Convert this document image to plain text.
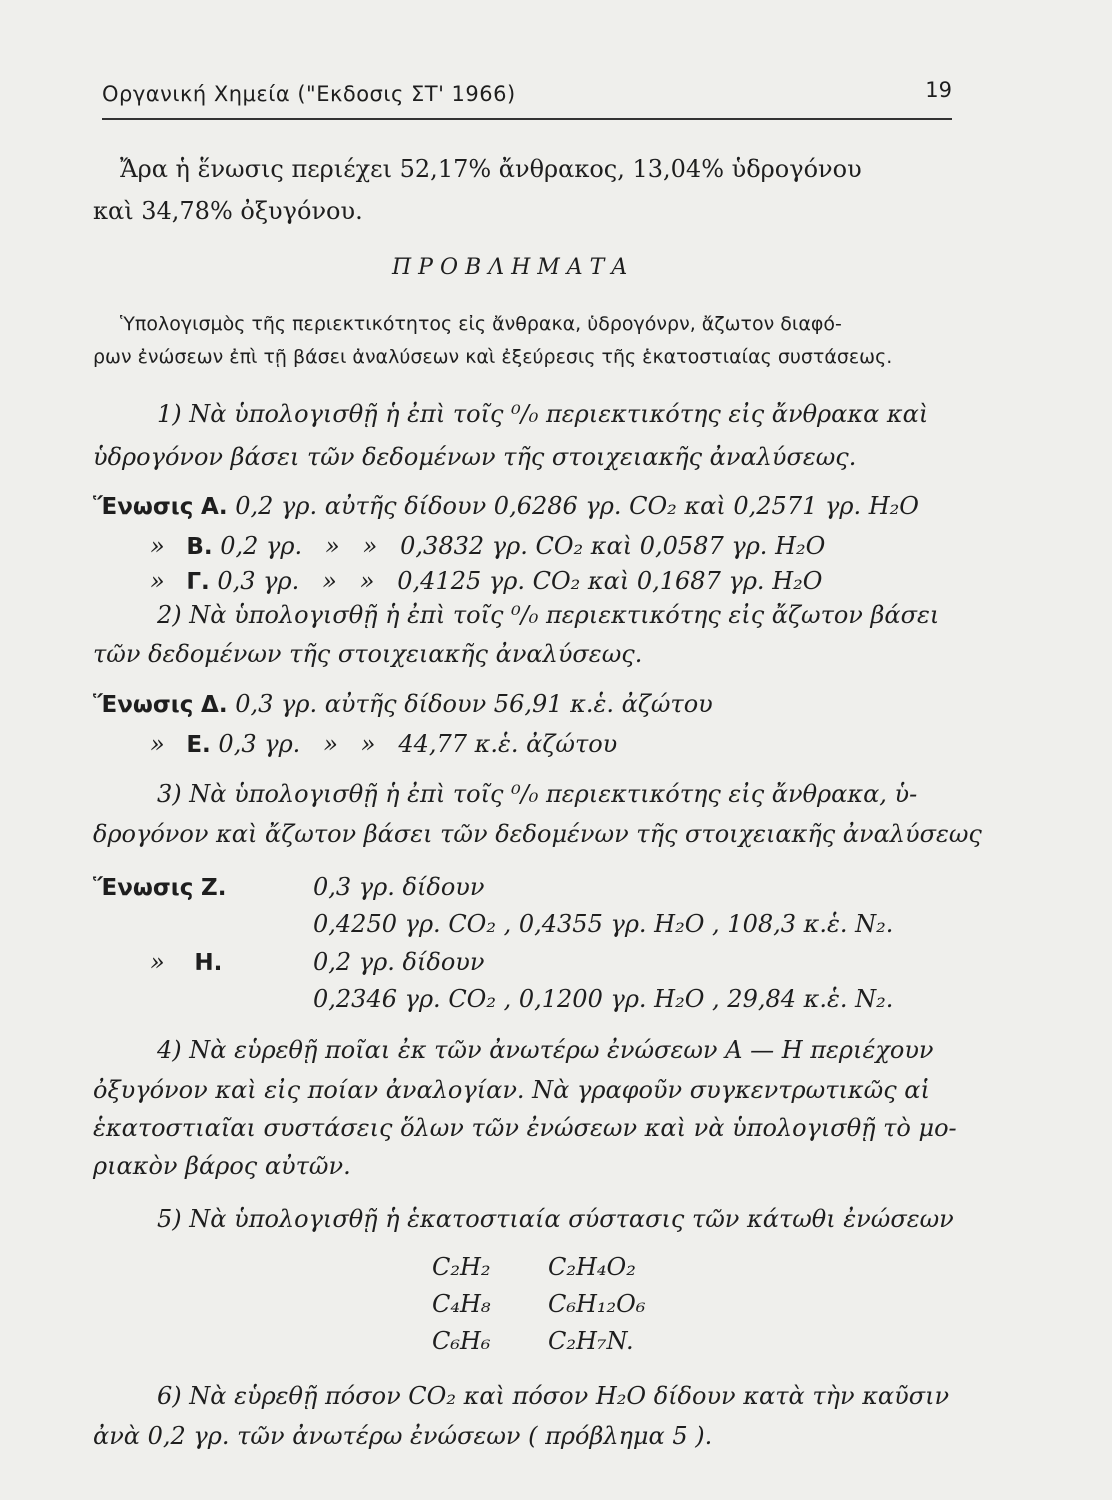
Οργανική Χημεία ("Εκδοσις ΣΤ' 1966)	19
Ἄρα ἡ ἕνωσις περιέχει 52,17% ἄνθρακος, 13,04% ὑδρογόνου
καὶ 34,78% ὀξυγόνου.
ΠΡΟΒΛΗΜΑΤΑ
Ὑπολογισμὸς τῆς περιεκτικότητος εἰς ἄνθρακα, ὑδρογόνρν, ἄζωτον διαφό-
ρων ἐνώσεων ἐπὶ τῇ βάσει ἀναλύσεων καὶ ἐξεύρεσις τῆς ἑκατοστιαίας συστάσεως.
1) Νὰ ὑπολογισθῇ ἡ ἐπὶ τοῖς ⁰/₀ περιεκτικότης εἰς ἄνθρακα καὶ
ὑδρογόνον βάσει τῶν δεδομένων τῆς στοιχειακῆς ἀναλύσεως.
Ἕνωσις Α. 0,2 γρ. αὐτῆς δίδουν 0,6286 γρ. CO₂ καὶ 0,2571 γρ. H₂O
» Β. 0,2 γρ.   »   »   0,3832 γρ. CO₂ καὶ 0,0587 γρ. H₂O
» Γ. 0,3 γρ.   »   »   0,4125 γρ. CO₂ καὶ 0,1687 γρ. H₂O
2) Νὰ ὑπολογισθῇ ἡ ἐπὶ τοῖς ⁰/₀ περιεκτικότης εἰς ἄζωτον βάσει
τῶν δεδομένων τῆς στοιχειακῆς ἀναλύσεως.
Ἕνωσις Δ. 0,3 γρ. αὐτῆς δίδουν 56,91 κ.ἑ. ἀζώτου
» Ε. 0,3 γρ.   »   »   44,77 κ.ἑ. ἀζώτου
3) Νὰ ὑπολογισθῇ ἡ ἐπὶ τοῖς ⁰/₀ περιεκτικότης εἰς ἄνθρακα, ὑ-
δρογόνον καὶ ἄζωτον βάσει τῶν δεδομένων τῆς στοιχειακῆς ἀναλύσεως
Ἕνωσις Ζ.	0,3 γρ. δίδουν
0,4250 γρ. CO₂ , 0,4355 γρ. H₂O , 108,3 κ.ἑ. N₂.
» Η.	0,2 γρ. δίδουν
0,2346 γρ. CO₂ , 0,1200 γρ. H₂O , 29,84 κ.ἑ. N₂.
4) Νὰ εὑρεθῇ ποῖαι ἐκ τῶν ἀνωτέρω ἐνώσεων Α — Η περιέχουν
ὀξυγόνον καὶ εἰς ποίαν ἀναλογίαν. Νὰ γραφοῦν συγκεντρωτικῶς αἱ
ἑκατοστιαῖαι συστάσεις ὅλων τῶν ἐνώσεων καὶ νὰ ὑπολογισθῇ τὸ μο-
ριακὸν βάρος αὐτῶν.
5) Νὰ ὑπολογισθῇ ἡ ἑκατοστιαία σύστασις τῶν κάτωθι ἐνώσεων
C₂H₂ C₂H₄O₂
C₄H₈ C₆H₁₂O₆
C₆H₆ C₂H₇N.
6) Νὰ εὑρεθῇ πόσον CO₂ καὶ πόσον H₂O δίδουν κατὰ τὴν καῦσιν
ἀνὰ 0,2 γρ. τῶν ἀνωτέρω ἐνώσεων ( πρόβλημα 5 ).
